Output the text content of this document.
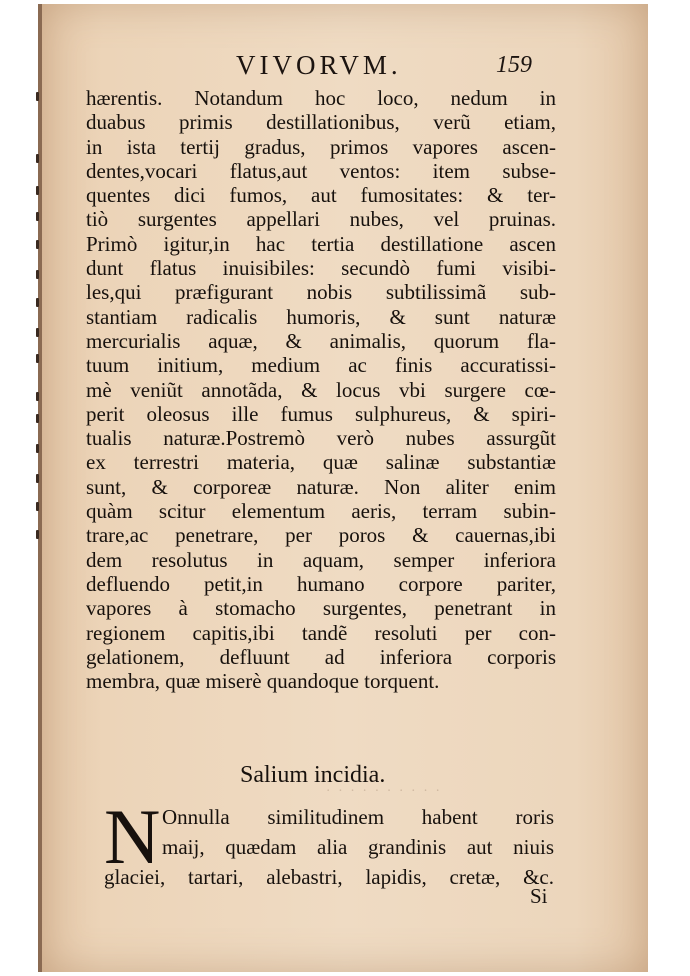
VIVORVM.	159
hærentis. Notandum hoc loco, nedum in
duabus primis destillationibus, verũ etiam,
in ista tertij gradus, primos vapores ascen-
dentes,vocari flatus,aut ventos: item subse-
quentes dici fumos, aut fumositates: & ter-
tiò surgentes appellari nubes, vel pruinas.
Primò igitur,in hac tertia destillatione ascen
dunt flatus inuisibiles: secundò fumi visibi-
les,qui præfigurant nobis subtilissimã sub-
stantiam radicalis humoris, & sunt naturæ
mercurialis aquæ, & animalis, quorum fla-
tuum initium, medium ac finis accuratissi-
mè veniũt annotãda, & locus vbi surgere cœ-
perit oleosus ille fumus sulphureus, & spiri-
tualis naturæ.Postremò verò nubes assurgũt
ex terrestri materia, quæ salinæ substantiæ
sunt, & corporeæ naturæ. Non aliter enim
quàm scitur elementum aeris, terram subin-
trare,ac penetrare, per poros & cauernas,ibi
dem resolutus in aquam, semper inferiora
defluendo petit,in humano corpore pariter,
vapores à stomacho surgentes, penetrant in
regionem capitis,ibi tandẽ resoluti per con-
gelationem, defluunt ad inferiora corporis
membra, quæ miserè quandoque torquent.
· · · · · · · · · ·
Salium incidia.
N Onnulla similitudinem habent roris
maij, quædam alia grandinis aut niuis
glaciei, tartari, alebastri, lapidis, cretæ, &c.
Si
